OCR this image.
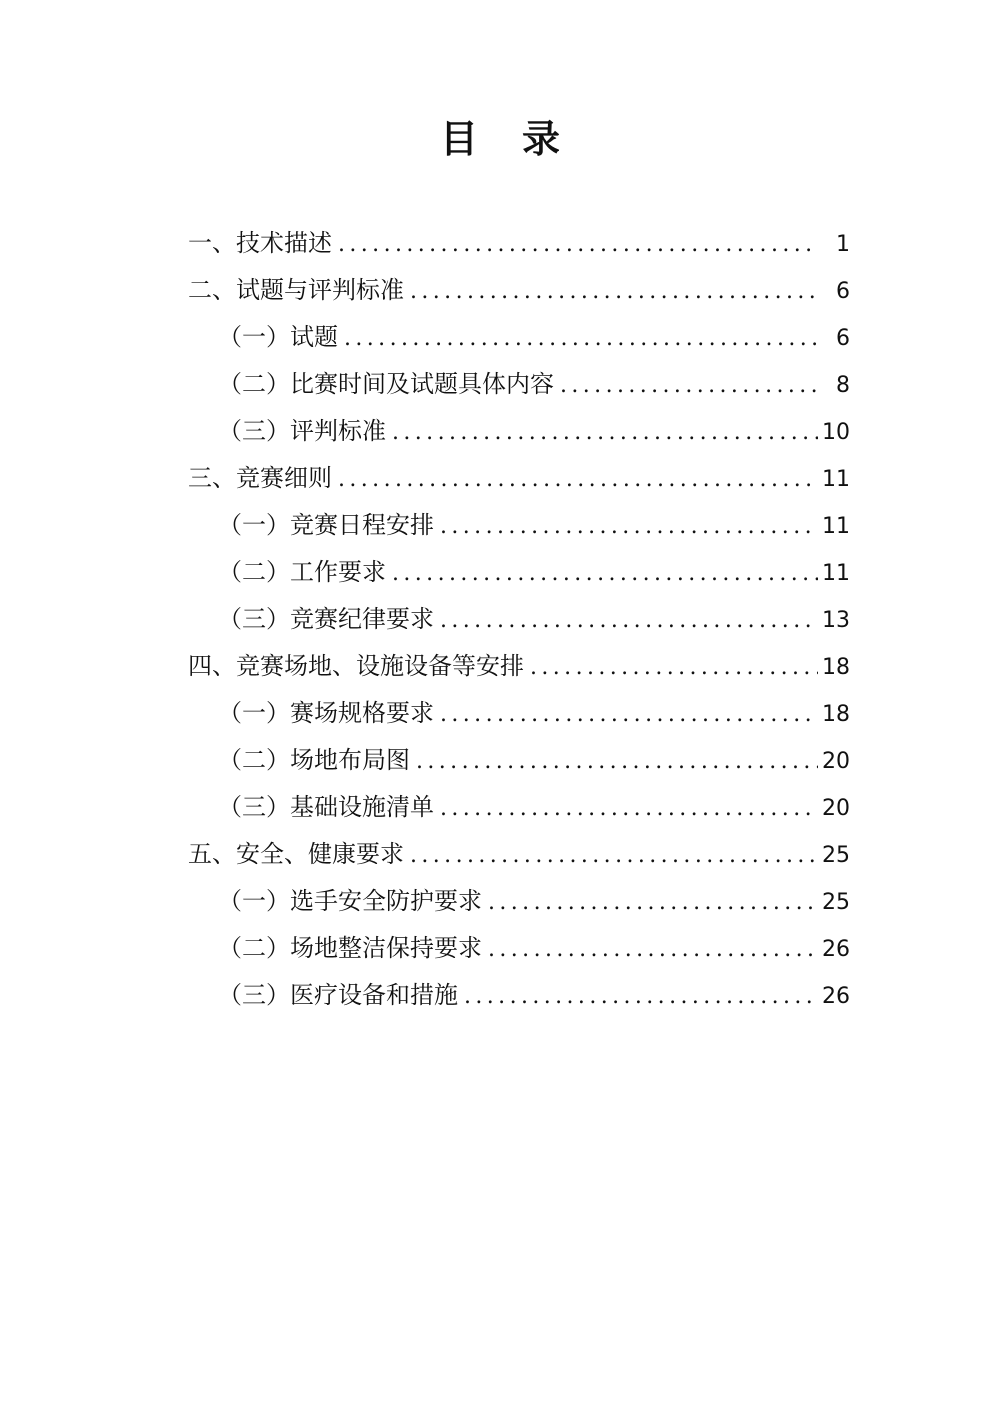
目 录
一、技术描述 .....	1
二、试题与评判标准 .....	6
（一）试题 .....	6
（二）比赛时间及试题具体内容 .....	8
（三）评判标准 .....	10
三、竞赛细则 .....	11
（一）竞赛日程安排 .....	11
（二）工作要求 .....	11
（三）竞赛纪律要求 .....	13
四、竞赛场地、设施设备等安排 .....	18
（一）赛场规格要求 .....	18
（二）场地布局图 .....	20
（三）基础设施清单 .....	20
五、安全、健康要求 .....	25
（一）选手安全防护要求 .....	25
（二）场地整洁保持要求 .....	26
（三）医疗设备和措施 .....	26
